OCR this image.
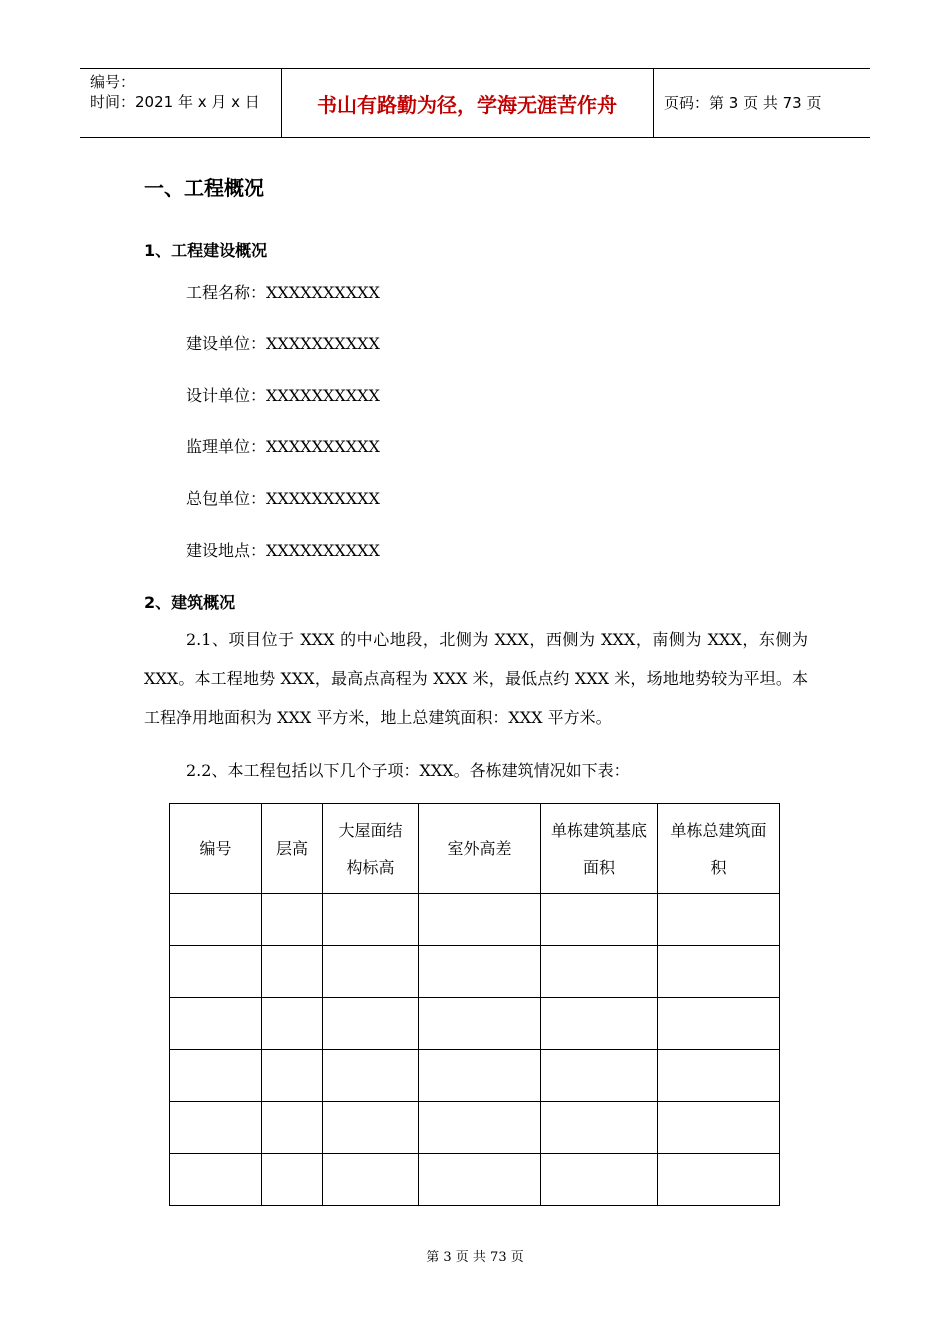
编号：
时间：2021 年 x 月 x 日	书山有路勤为径，学海无涯苦作舟	页码：第 3 页 共 73 页
一、工程概况
1、工程建设概况
工程名称：XXXXXXXXXX
建设单位：XXXXXXXXXX
设计单位：XXXXXXXXXX
监理单位：XXXXXXXXXX
总包单位：XXXXXXXXXX
建设地点：XXXXXXXXXX
2、建筑概况
2.1、项目位于 XXX 的中心地段，北侧为 XXX，西侧为 XXX，南侧为 XXX，东侧为 XXX。本工程地势 XXX，最高点高程为 XXX 米，最低点约 XXX 米，场地地势较为平坦。本工程净用地面积为 XXX 平方米，地上总建筑面积：XXX 平方米。
2.2、本工程包括以下几个子项：XXX。各栋建筑情况如下表：
编号	层高	大屋面结构标高	室外高差	单栋建筑基底面积	单栋总建筑面积

第 3 页 共 73 页
